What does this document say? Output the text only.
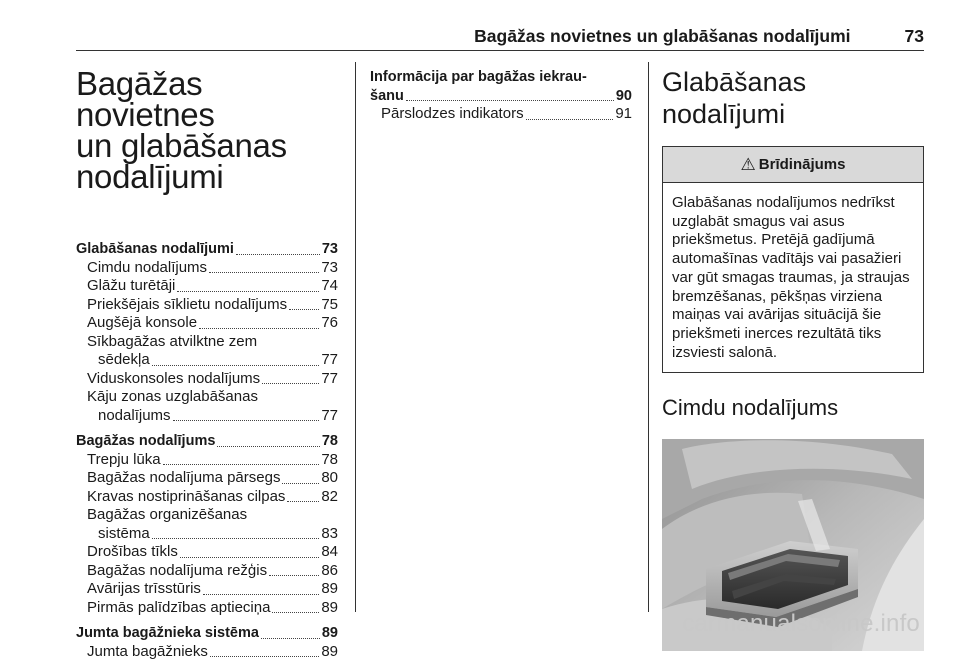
Bagāžas novietnes un glabāšanas nodalījumi	73
Bagāžas novietnes
un glabāšanas
nodalījumi
Glabāšanas nodalījumi	73
Cimdu nodalījums	73
Glāžu turētāji	74
Priekšējais sīklietu nodalījums 75
Augšējā konsole	76
Sīkbagāžas atvilktne zem
sēdekļa	77
Viduskonsoles nodalījums	77
Kāju zonas uzglabāšanas
nodalījums	77
Bagāžas nodalījums	78
Trepju lūka	78
Bagāžas nodalījuma pārsegs	80
Kravas nostiprināšanas cilpas 82
Bagāžas organizēšanas
sistēma	83
Drošības tīkls	84
Bagāžas nodalījuma režģis	86
Avārijas trīsstūris	89
Pirmās palīdzības aptieciņa	89
Jumta bagāžnieka sistēma	89
Jumta bagāžnieks	89
Informācija par bagāžas iekrau-
šanu	90
Pārslodzes indikators	91
Glabāšanas nodalījumi
⚠ Brīdinājums
Glabāšanas nodalījumos nedrīkst uzglabāt smagus vai asus priekšmetus. Pretējā gadījumā automašīnas vadītājs vai pasažieri var gūt smagas traumas, ja straujas bremzēšanas, pēkšņas virziena maiņas vai avārijas situācijā šie priekšmeti inerces rezultātā tiks izsviesti salonā.
Cimdu nodalījums
carmanualsonline.info
